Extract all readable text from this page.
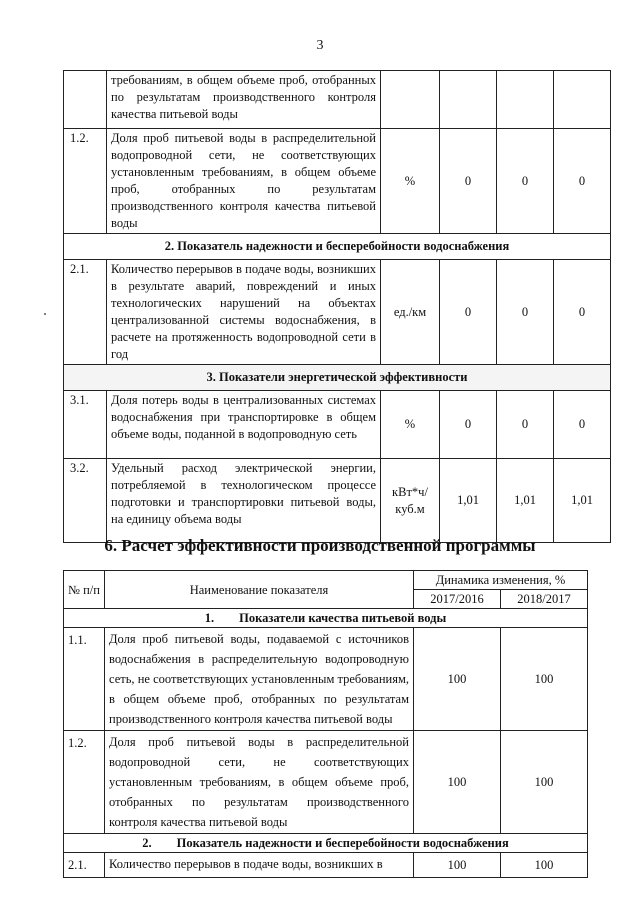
3
	требованиям, в общем объеме проб, отобранных по результатам производственного контроля качества питьевой воды				
1.2.	Доля проб питьевой воды в распределительной водопроводной сети, не соответствующих установленным требованиям, в общем объеме проб, отобранных по результатам производственного контроля качества питьевой воды	%	0	0	0
2. Показатель надежности и бесперебойности водоснабжения					
2.1.	Количество перерывов в подаче воды, возникших в результате аварий, повреждений и иных технологических нарушений на объектах централизованной системы водоснабжения, в расчете на протяженность водопроводной сети в год	ед./км	0	0	0
3. Показатели энергетической эффективности					
3.1.	Доля потерь воды в централизованных системах водоснабжения при транспортировке в общем объеме воды, поданной в водопроводную сеть	%	0	0	0
3.2.	Удельный расход электрической энергии, потребляемой в технологическом процессе подготовки и транспортировки питьевой воды, на единицу объема воды	кВт*ч/ куб.м	1,01	1,01	1,01
6. Расчет эффективности производственной программы
№ п/п	Наименование показателя	Динамика изменения, %	
		2017/2016	2018/2017
1.        Показатели качества питьевой воды			
1.1.	Доля проб питьевой воды, подаваемой с источников водоснабжения в распределительную водопроводную сеть, не соответствующих установленным требованиям, в общем объеме проб, отобранных по результатам производственного контроля качества питьевой воды	100	100
1.2.	Доля проб питьевой воды в распределительной водопроводной сети, не соответствующих установленным требованиям, в общем объеме проб, отобранных по результатам производственного контроля качества питьевой воды	100	100
2.        Показатель надежности и бесперебойности водоснабжения			
2.1.	Количество перерывов в подаче воды, возникших в	100	100
